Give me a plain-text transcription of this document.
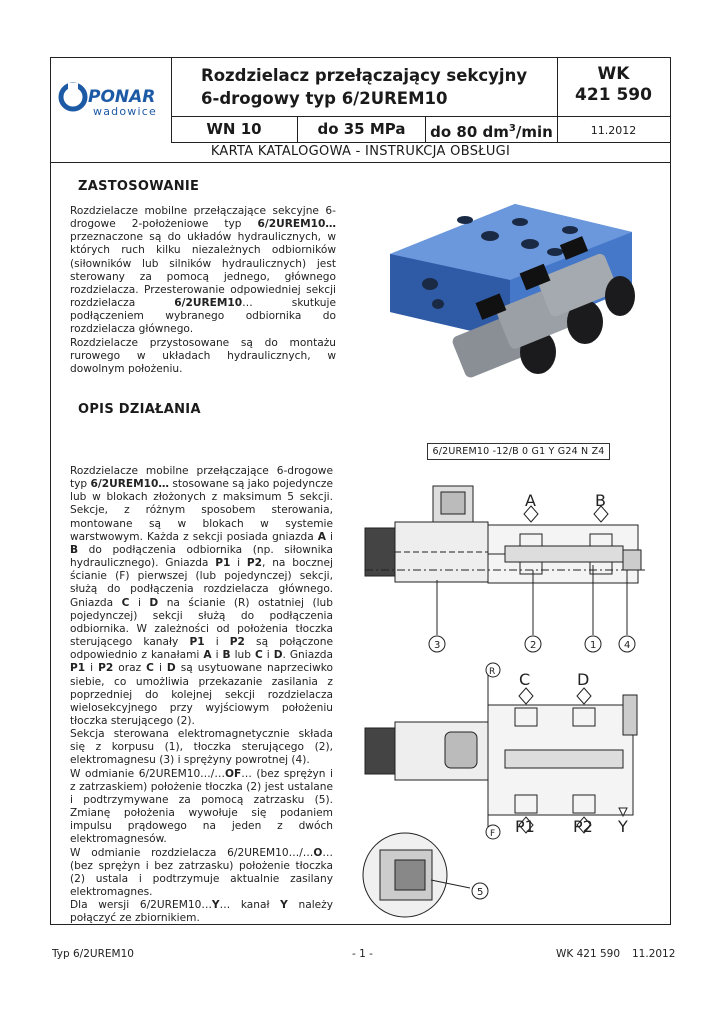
PONAR
wadowice
Rozdzielacz przełączający sekcyjny
6-drogowy typ 6/2UREM10
WK
421 590
WN 10	do 35 MPa	do 80 $dm^3/\min$	11.2012
KARTA KATALOGOWA - INSTRUKCJA OBSŁUGI
ZASTOSOWANIE

Rozdzielacze mobilne przełączające sekcyjne 6-drogowe 2-położeniowe typ 6/2UREM10… przeznaczone są do układów hydraulicznych, w których ruch kilku niezależnych odbiorników (siłowników lub silników hydraulicznych) jest sterowany za pomocą jednego, głównego rozdzielacza. Przesterowanie odpowiedniej sekcji rozdzielacza 6/2UREM10… skutkuje podłączeniem wybranego odbiornika do rozdzielacza głównego.

Rozdzielacze przystosowane są do montażu rurowego w układach hydraulicznych, w dowolnym położeniu.

OPIS DZIAŁANIA

Rozdzielacze mobilne przełączające 6-drogowe typ 6/2UREM10… stosowane są jako pojedyncze lub w blokach złożonych z maksimum 5 sekcji. Sekcje, z różnym sposobem sterowania, montowane są w blokach w systemie warstwowym. Każda z sekcji posiada gniazda A i B do podłączenia odbiornika (np. siłownika hydraulicznego). Gniazda P1 i P2, na bocznej ścianie (F) pierwszej (lub pojedynczej) sekcji, służą do podłączenia rozdzielacza głównego. Gniazda C i D na ścianie (R) ostatniej (lub pojedynczej) sekcji służą do podłączenia odbiornika. W zależności od położenia tłoczka sterującego kanały P1 i P2 są połączone odpowiednio z kanałami A i B lub C i D. Gniazda P1 i P2 oraz C i D są usytuowane naprzeciwko siebie, co umożliwia przekazanie zasilania z poprzedniej do kolejnej sekcji rozdzielacza wielosekcyjnego przy wyjściowym położeniu tłoczka sterującego (2).

Sekcja sterowana elektromagnetycznie składa się z korpusu (1), tłoczka sterującego (2), elektromagnesu (3) i sprężyny powrotnej (4).

W odmianie 6/2UREM10…/…OF… (bez sprężyn i z zatrzaskiem) położenie tłoczka (2) jest ustalane i podtrzymywane za pomocą zatrzasku (5). Zmianę położenia wywołuje się podaniem impulsu prądowego na jeden z dwóch elektromagnesów.

W odmianie rozdzielacza 6/2UREM10…/…O… (bez sprężyn i bez zatrzasku) położenie tłoczka (2) ustala i podtrzymuje aktualnie zasilany elektromagnes.

Dla wersji 6/2UREM10…Y… kanał Y należy połączyć ze zbiornikiem.

6/2UREM10 -12/B 0 G1 Y G24 N Z4
A	B
C	D
P1 P2 Y
3	2	1	4
R
F
5
Typ 6/2UREM10	- 1 -	WK 421 590 11.2012
